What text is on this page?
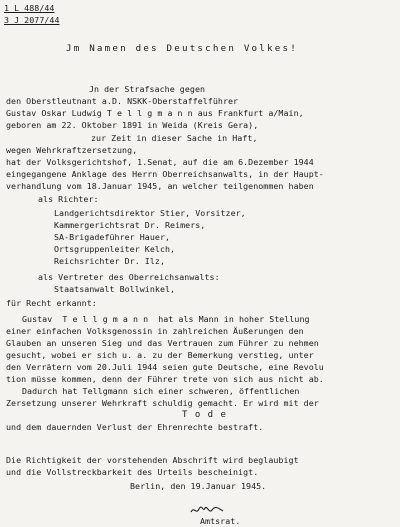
1 L 488/44
3 J 2077/44
Jm Namen des Deutschen Volkes!
Jn der Strafsache gegen
den Oberstleutnant a.D. NSKK-Oberstaffelführer
Gustav Oskar Ludwig T e l l g m a n n aus Frankfurt a/Main,
geboren am 22. Oktober 1891 in Weida (Kreis Gera),
zur Zeit in dieser Sache in Haft,
wegen Wehrkraftzersetzung,
hat der Volksgerichtshof, 1.Senat, auf die am 6.Dezember 1944
eingegangene Anklage des Herrn Oberreichsanwalts, in der Haupt-
verhandlung vom 18.Januar 1945, an welcher teilgenommen haben
als Richter:
Landgerichtsdirektor Stier, Vorsitzer,
Kammergerichtsrat Dr. Reimers,
SA-Brigadeführer Hauer,
Ortsgruppenleiter Kelch,
Reichsrichter Dr. Ilz,
als Vertreter des Oberreichsanwalts:
Staatsanwalt Bollwinkel,
für Recht erkannt:
Gustav  T e l l g m a n n  hat als Mann in hoher Stellung
einer einfachen Volksgenossin in zahlreichen Äußerungen den
Glauben an unseren Sieg und das Vertrauen zum Führer zu nehmen
gesucht, wobei er sich u. a. zu der Bemerkung verstieg, unter
den Verrätern vom 20.Juli 1944 seien gute Deutsche, eine Revolu
tion müsse kommen, denn der Führer trete von sich aus nicht ab.
Dadurch hat Tellgmann sich einer schweren, öffentlichen
Zersetzung unserer Wehrkraft schuldig gemacht. Er wird mit der
T o d e
und dem dauernden Verlust der Ehrenrechte bestraft.
Die Richtigkeit der vorstehenden Abschrift wird beglaubigt
und die Vollstreckbarkeit des Urteils bescheinigt.
Berlin, den 19.Januar 1945.
Amtsrat.
